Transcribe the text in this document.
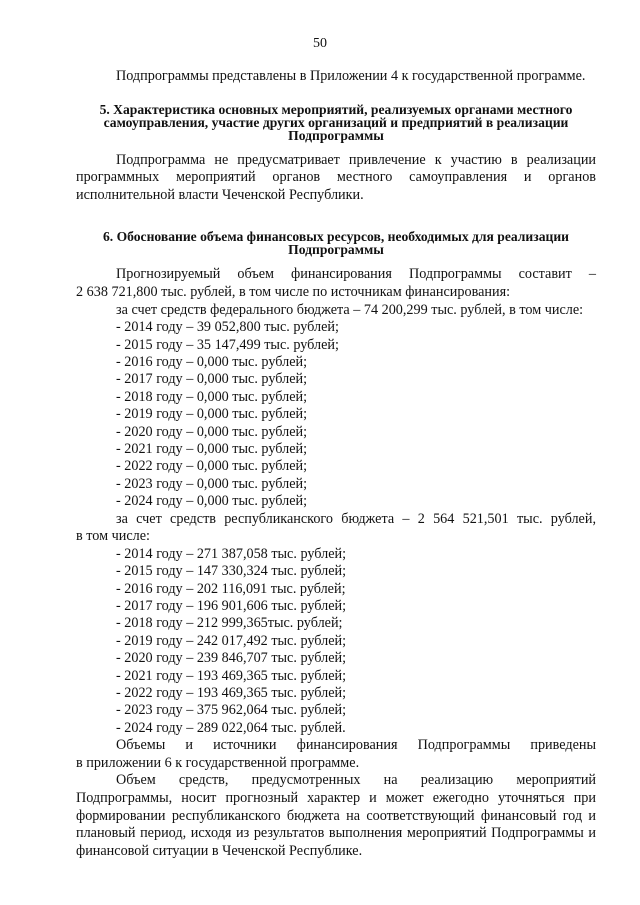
50

Подпрограммы представлены в Приложении 4 к государственной программе.

5. Характеристика основных мероприятий, реализуемых органами местного
самоуправления, участие других организаций и предприятий в реализации
Подпрограммы

Подпрограмма не предусматривает привлечение к участию в реализации программных мероприятий органов местного самоуправления и органов исполнительной власти Чеченской Республики.

6. Обоснование объема финансовых ресурсов, необходимых для реализации
Подпрограммы

Прогнозируемый объем финансирования Подпрограммы составит –

2 638 721,800 тыс. рублей, в том числе по источникам финансирования:

за счет средств федерального бюджета – 74 200,299 тыс. рублей, в том числе:

- 2014 году – 39 052,800 тыс. рублей;
- 2015 году – 35 147,499 тыс. рублей;
- 2016 году – 0,000 тыс. рублей;
- 2017 году – 0,000 тыс. рублей;
- 2018 году – 0,000 тыс. рублей;
- 2019 году – 0,000 тыс. рублей;
- 2020 году – 0,000 тыс. рублей;
- 2021 году – 0,000 тыс. рублей;
- 2022 году – 0,000 тыс. рублей;
- 2023 году – 0,000 тыс. рублей;
- 2024 году – 0,000 тыс. рублей;

за счет средств республиканского бюджета – 2 564 521,501 тыс. рублей,

в том числе:

- 2014 году – 271 387,058 тыс. рублей;
- 2015 году – 147 330,324 тыс. рублей;
- 2016 году – 202 116,091 тыс. рублей;
- 2017 году – 196 901,606 тыс. рублей;
- 2018 году – 212 999,365тыс. рублей;
- 2019 году – 242 017,492 тыс. рублей;
- 2020 году – 239 846,707 тыс. рублей;
- 2021 году – 193 469,365 тыс. рублей;
- 2022 году – 193 469,365 тыс. рублей;
- 2023 году – 375 962,064 тыс. рублей;
- 2024 году – 289 022,064 тыс. рублей.

Объемы и источники финансирования Подпрограммы приведены

в приложении 6 к государственной программе.

Объем средств, предусмотренных на реализацию мероприятий Подпрограммы, носит прогнозный характер и может ежегодно уточняться при формировании республиканского бюджета на соответствующий финансовый год и плановый период, исходя из результатов выполнения мероприятий Подпрограммы и финансовой ситуации в Чеченской Республике.
